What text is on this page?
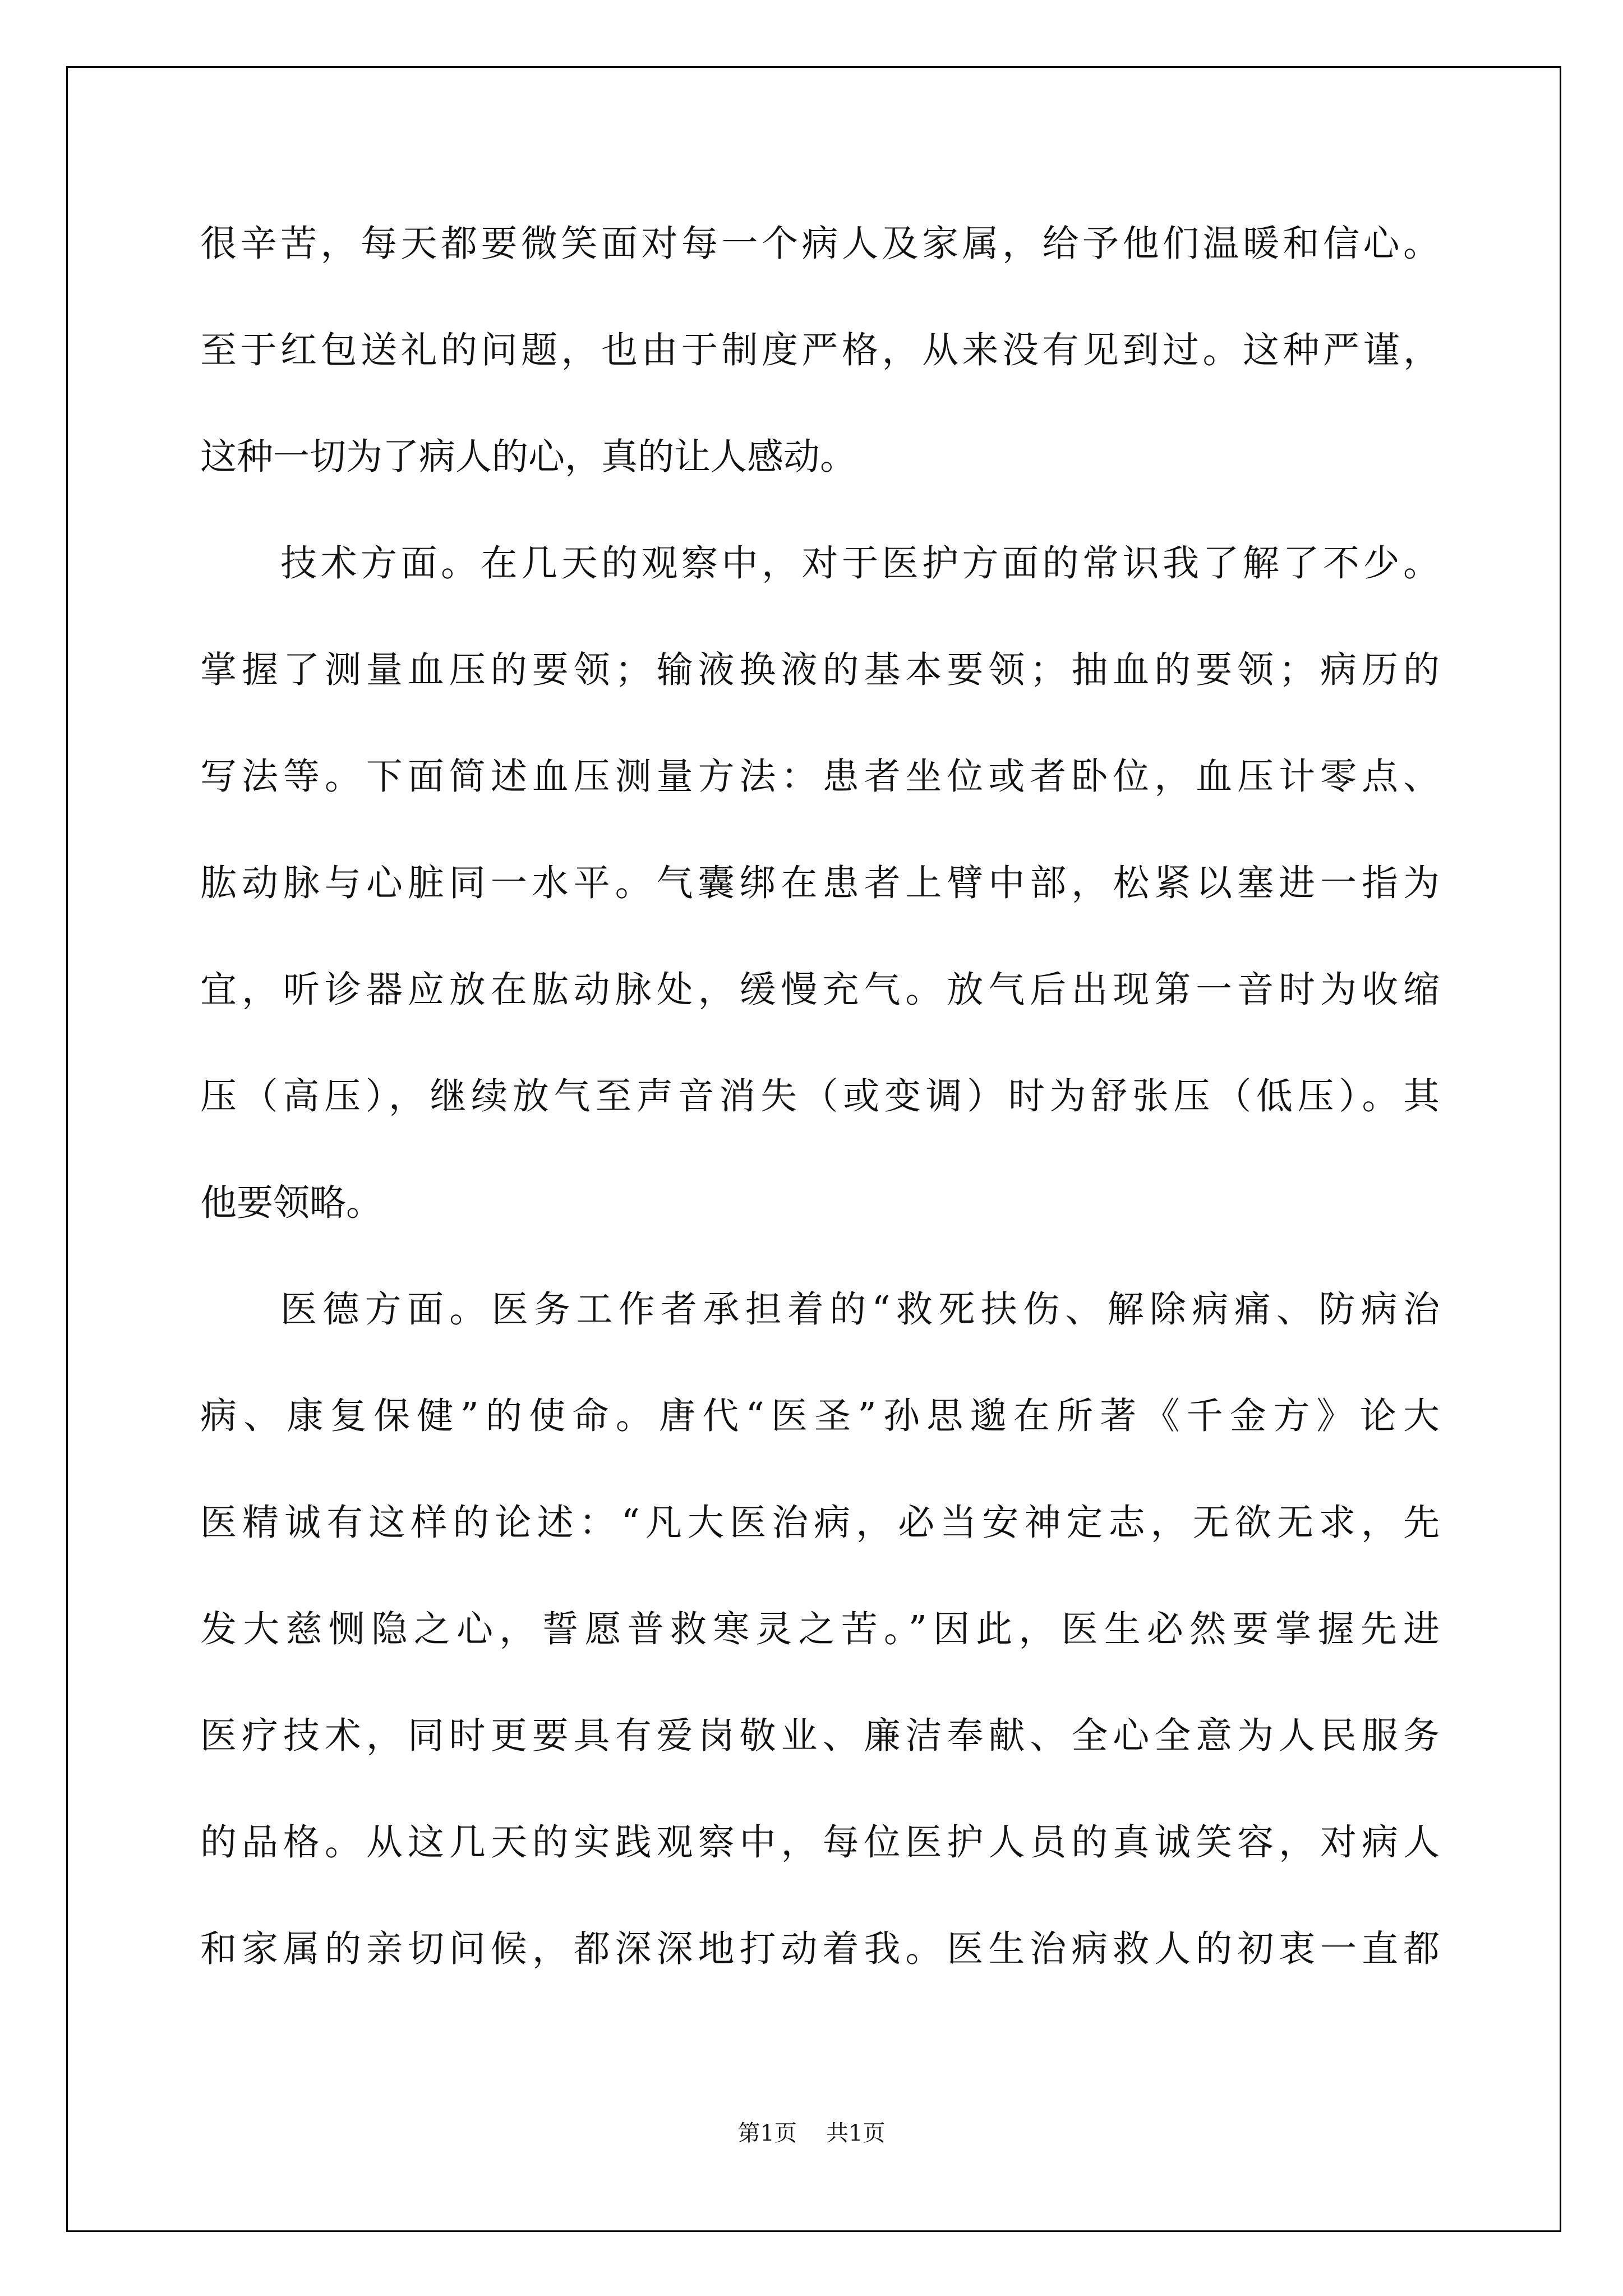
很辛苦，每天都要微笑面对每一个病人及家属，给予他们温暖和信心。

至于红包送礼的问题，也由于制度严格，从来没有见到过。这种严谨，

这种一切为了病人的心，真的让人感动。

技术方面。在几天的观察中，对于医护方面的常识我了解了不少。

掌握了测量血压的要领；输液换液的基本要领；抽血的要领；病历的

写法等。下面简述血压测量方法：患者坐位或者卧位，血压计零点、

肱动脉与心脏同一水平。气囊绑在患者上臂中部，松紧以塞进一指为

宜，听诊器应放在肱动脉处，缓慢充气。放气后出现第一音时为收缩

压（高压），继续放气至声音消失（或变调）时为舒张压（低压）。其

他要领略。

医德方面。医务工作者承担着的“救死扶伤、解除病痛、防病治

病、康复保健”的使命。唐代“医圣”孙思邈在所著《千金方》论大

医精诚有这样的论述：“凡大医治病，必当安神定志，无欲无求，先

发大慈恻隐之心，誓愿普救寒灵之苦。”因此，医生必然要掌握先进

医疗技术，同时更要具有爱岗敬业、廉洁奉献、全心全意为人民服务

的品格。从这几天的实践观察中，每位医护人员的真诚笑容，对病人

和家属的亲切问候，都深深地打动着我。医生治病救人的初衷一直都

第1页 共1页
